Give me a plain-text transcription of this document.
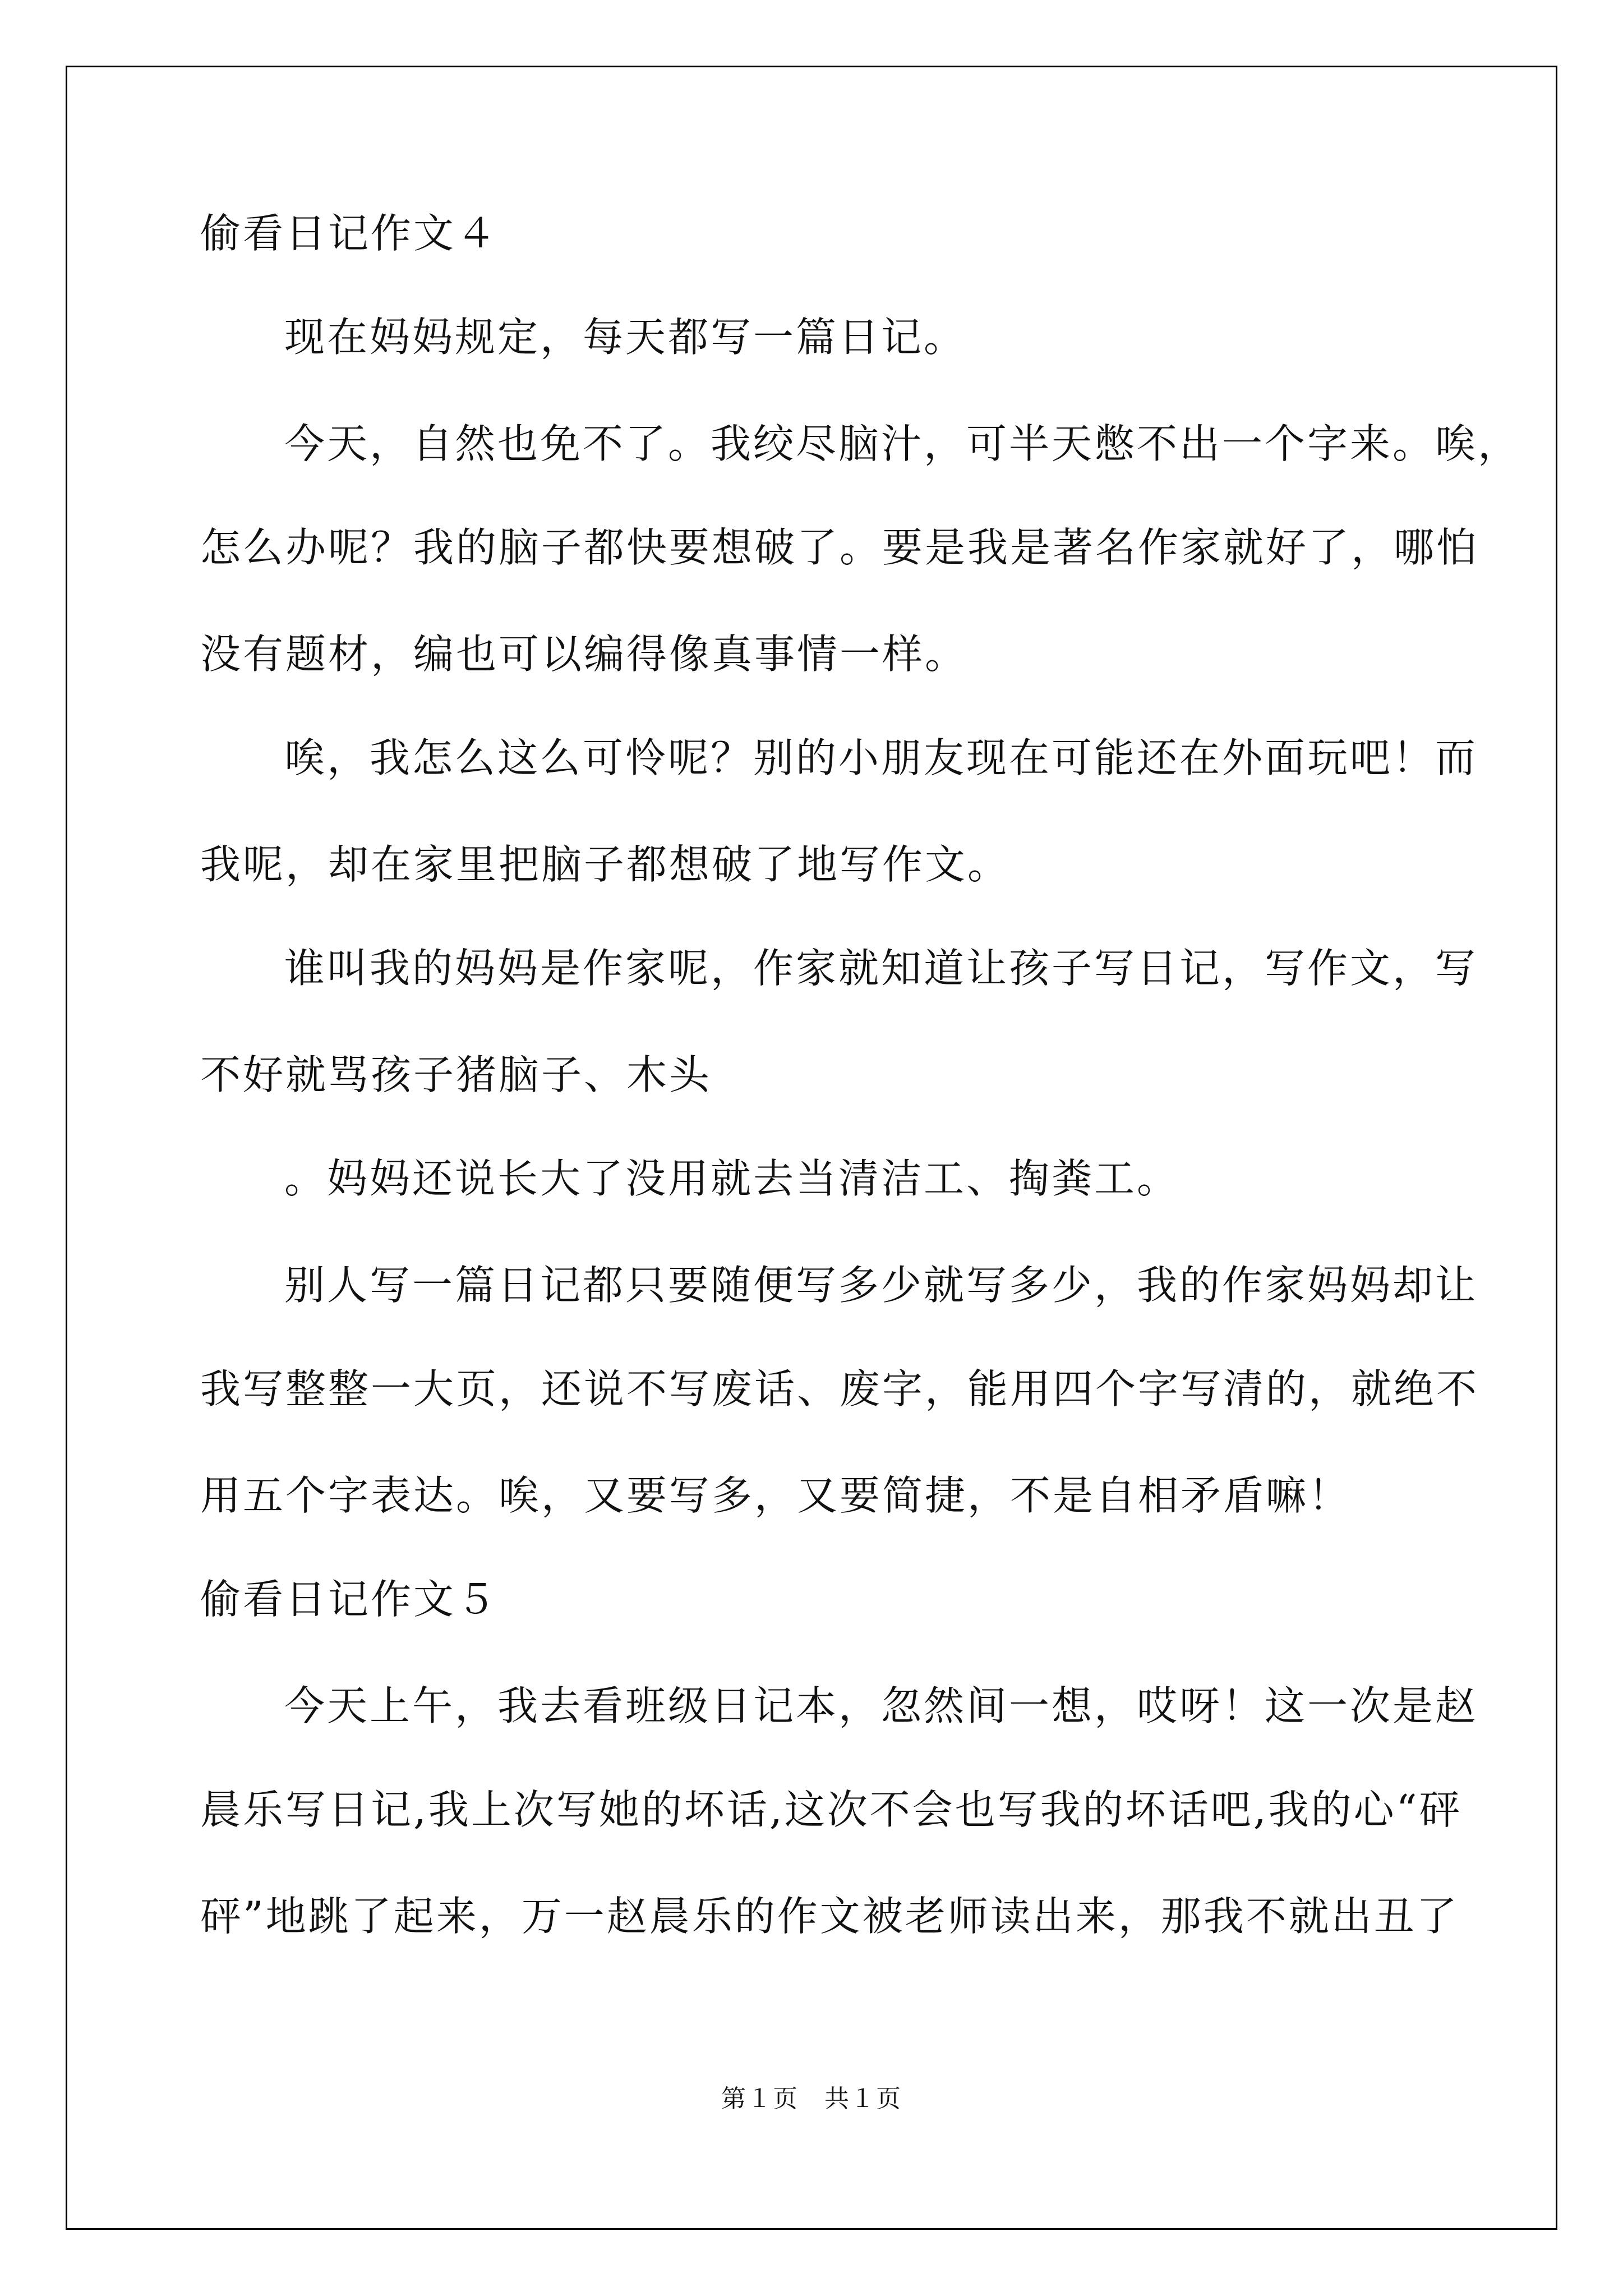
偷看日记作文４
现在妈妈规定，每天都写一篇日记。
今天，自然也免不了。我绞尽脑汁，可半天憋不出一个字来。唉，
怎么办呢？我的脑子都快要想破了。要是我是著名作家就好了，哪怕
没有题材，编也可以编得像真事情一样。
唉，我怎么这么可怜呢？别的小朋友现在可能还在外面玩吧！而
我呢，却在家里把脑子都想破了地写作文。
谁叫我的妈妈是作家呢，作家就知道让孩子写日记，写作文，写
不好就骂孩子猪脑子、木头
。妈妈还说长大了没用就去当清洁工、掏粪工。
别人写一篇日记都只要随便写多少就写多少，我的作家妈妈却让
我写整整一大页，还说不写废话、废字，能用四个字写清的，就绝不
用五个字表达。唉，又要写多，又要简捷，不是自相矛盾嘛！
偷看日记作文５
今天上午，我去看班级日记本，忽然间一想，哎呀！这一次是赵
晨乐写日记,我上次写她的坏话,这次不会也写我的坏话吧,我的心“砰
砰”地跳了起来，万一赵晨乐的作文被老师读出来，那我不就出丑了
第１页　共１页
